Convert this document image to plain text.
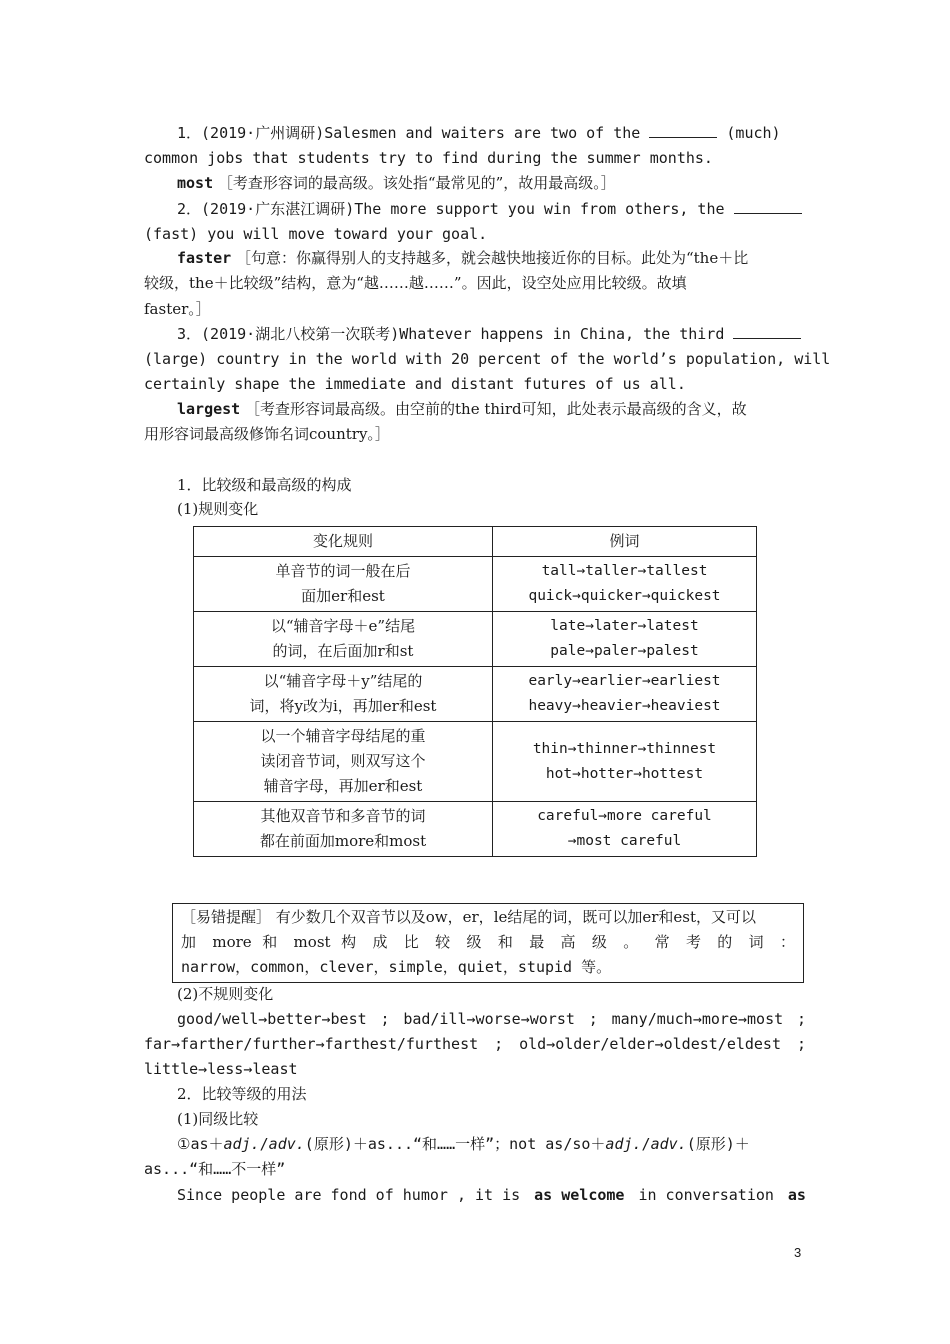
1．(2019·广州调研)Salesmen and waiters are two of the	(much)
common jobs that students try to find during the summer months.
most ［考查形容词的最高级。该处指“最常见的”，故用最高级。］
2．(2019·广东湛江调研)The more support you win from others, the
(fast) you will move toward your goal.
faster ［句意：你赢得别人的支持越多，就会越快地接近你的目标。此处为“the＋比
较级，the＋比较级”结构，意为“越……越……”。因此，设空处应用比较级。故填
faster。］
3．(2019·湖北八校第一次联考)Whatever happens in China, the third
(large) country in the world with 20 percent of the world’s population, will
certainly shape the immediate and distant futures of us all.
largest ［考查形容词最高级。由空前的the third可知，此处表示最高级的含义，故
用形容词最高级修饰名词country。］
1．比较级和最高级的构成
(1)规则变化
变化规则	例词
单音节的词一般在后
面加er和est	tall→taller→tallest
quick→quicker→quickest
以“辅音字母＋e”结尾
的词，在后面加r和st	late→later→latest
pale→paler→palest
以“辅音字母＋y”结尾的
词，将y改为i，再加er和est	early→earlier→earliest
heavy→heavier→heaviest
以一个辅音字母结尾的重
读闭音节词，则双写这个
辅音字母，再加er和est	thin→thinner→thinnest
hot→hotter→hottest
其他双音节和多音节的词
都在前面加more和most	careful→more careful
→most careful
［易错提醒］ 有少数几个双音节以及ow，er，le结尾的词，既可以加er和est，又可以
加 more 和 most 构 成 比 较 级 和 最 高 级 。 常 考 的 词 ：
narrow，common，clever，simple，quiet，stupid 等。
(2)不规则变化
good/well→better→best ; bad/ill→worse→worst ; many/much→more→most ;
far→farther/further→farthest/furthest ; old→older/elder→oldest/eldest ;
little→less→least
2．比较等级的用法
(1)同级比较
①as＋adj./adv.(原形)＋as...“和……一样”；not as/so＋adj./adv.(原形)＋
as...“和……不一样”
Since people are fond of humor , it is as welcome in conversation as
3
